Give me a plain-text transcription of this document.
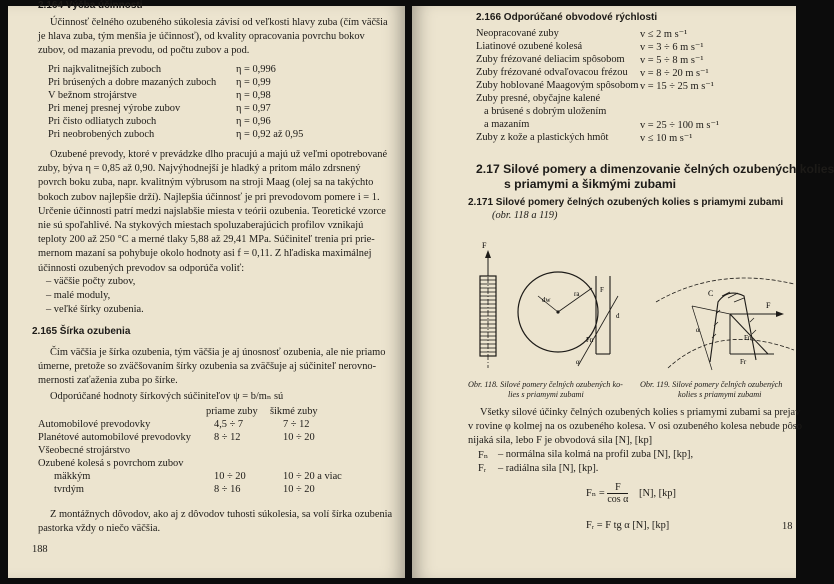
2.164 Výčba účinnosti
Účinnosť čelného ozubeného súkolesia závisí od veľkosti hlavy zuba (čím väčšia
je hlava zuba, tým menšia je účinnosť), od kvality opracovania povrchu bokov
zubov, od mazania prevodu, od počtu zubov a pod.
Pri najkvalitnejších zuboch	η = 0,996
Pri brúsených a dobre mazaných zuboch η = 0,99
V bežnom strojárstve	η = 0,98
Pri menej presnej výrobe zubov	η = 0,97
Pri čisto odliatych zuboch	η = 0,96
Pri neobrobených zuboch	η = 0,92 až 0,95
Ozubené prevody, ktoré v prevádzke dlho pracujú a majú už veľmi opotrebované
zuby, býva η = 0,85 až 0,90. Najvýhodnejší je hladký a pritom málo zdrsnený
povrch boku zuba, napr. kvalitným výbrusom na stroji Maag (olej sa na takýchto
bokoch zubov najlepšie drží). Najlepšia účinnosť je pri prevodovom pomere i = 1.
Určenie účinnosti patrí medzi najslabšie miesta v teórii ozubenia. Teoretické vzorce
nie sú spoľahlivé. Na stykových miestach spoluzaberajúcich profilov vznikajú
teploty 200 až 250 °C a merné tlaky 5,88 až 29,41 MPa. Súčiniteľ trenia pri prie-
mernom mazaní sa pohybuje okolo hodnoty asi f = 0,11. Z hľadiska maximálnej
účinnosti ozubených prevodov sa odporúča voliť:
– väčšie počty zubov,
– malé moduly,
– veľké šírky ozubenia.
2.165 Šírka ozubenia
Čím väčšia je šírka ozubenia, tým väčšia je aj únosnosť ozubenia, ale nie priamo
úmerne, pretože so zväčšovaním šírky ozubenia sa zväčšuje aj súčiniteľ nerovno-
mernosti zaťaženia zuba po šírke.
Odporúčané hodnoty šírkových súčiniteľov ψ = b/mₙ sú
priame zuby šikmé zuby
Automobilové prevodovky	4,5 ÷ 7	7 ÷ 12
Planétové automobilové prevodovky 8 ÷ 12	10 ÷ 20
Všeobecné strojárstvo
Ozubené kolesá s povrchom zubov
mäkkým	10 ÷ 20	10 ÷ 20 a viac
tvrdým	8 ÷ 16	10 ÷ 20
Z montážnych dôvodov, ako aj z dôvodov tuhosti súkolesia, sa volí šírka ozubenia
pastorka vždy o niečo väčšia.
188
2.166 Odporúčané obvodové rýchlosti
Neopracované zuby	v ≤ 2 m s⁻¹
Liatinové ozubené kolesá	v = 3 ÷ 6 m s⁻¹
Zuby frézované deliacim spôsobom v = 5 ÷ 8 m s⁻¹
Zuby frézované odvaľovacou frézou v = 8 ÷ 20 m s⁻¹
Zuby hoblované Maagovým spôsobom v = 15 ÷ 25 m s⁻¹
Zuby presné, obyčajne kalené
a brúsené s dobrým uložením
a mazaním	v = 25 ÷ 100 m s⁻¹
Zuby z kože a plastických hmôt	v ≤ 10 m s⁻¹
2.17 Silové pomery a dimenzovanie čelných ozubených kolies
s priamymi a šikmými zubami
2.171 Silové pomery čelných ozubených kolies s priamymi zubami
(obr. 118 a 119)
F
dw
ra
Fn
F
α
d
C
F
Fn
Fr
α
Obr. 118. Silové pomery čelných ozubených ko-
lies s priamymi zubami
Obr. 119. Silové pomery čelných ozubených
kolies s priamymi zubami
Všetky silové účinky čelných ozubených kolies s priamymi zubami sa prejav
v rovine φ kolmej na os ozubeného kolesa. V osi ozubeného kolesa nebude pôso
nijaká sila, lebo F je obvodová sila [N], [kp]
Fₙ – normálna sila kolmá na profil zuba [N], [kp],
Fᵣ – radiálna sila [N], [kp].
$F_n = \frac{F}{\text{cos α}} [N]$, [kp]
Fᵣ = F tg α [N], [kp]	18
